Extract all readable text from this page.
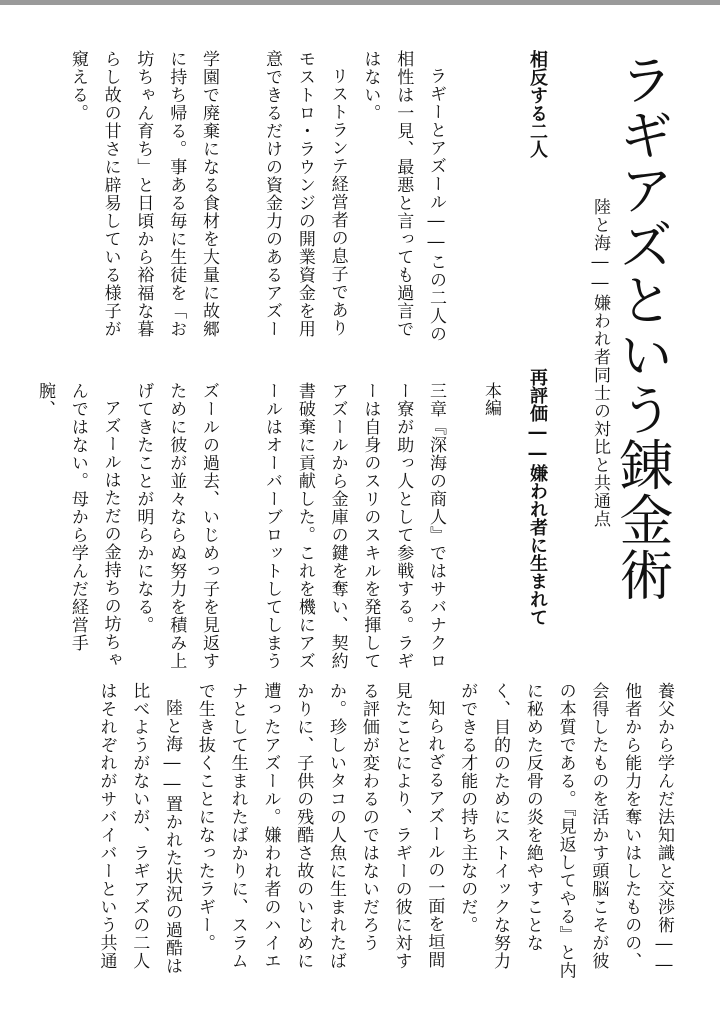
ラギアズという錬金術
陸と海――嫌われ者同士の対比と共通点
相反する二人

ラギーとアズール――この二人の相性は一見、最悪と言っても過言ではない。

リストランテ経営者の息子でありモストロ・ラウンジの開業資金を用意できるだけの資金力のあるアズー

学園で廃棄になる食材を大量に故郷に持ち帰る。事ある毎に生徒を「お坊ちゃん育ち」と日頃から裕福な暮らし故の甘さに辟易している様子が窺える。

再評価――嫌われ者に生まれて
本編

三章『深海の商人』ではサバナクロー寮が助っ人として参戦する。ラギーは自身のスリのスキルを発揮してアズールから金庫の鍵を奪い、契約書破棄に貢献した。これを機にアズールはオーバーブロットしてしまう

ズールの過去、いじめっ子を見返すために彼が並々ならぬ努力を積み上げてきたことが明らかになる。

アズールはただの金持ちの坊ちゃんではない。母から学んだ経営手腕、

養父から学んだ法知識と交渉術――他者から能力を奪いはしたものの、会得したものを活かす頭脳こそが彼の本質である。『見返してやる』と内に秘めた反骨の炎を絶やすことなく、目的のためにストイックな努力ができる才能の持ち主なのだ。

知られざるアズールの一面を垣間見たことにより、ラギーの彼に対する評価が変わるのではないだろうか。珍しいタコの人魚に生まれたばかりに、子供の残酷さ故のいじめに遭ったアズール。嫌われ者のハイエナとして生まれたばかりに、スラムで生き抜くことになったラギー。

陸と海――置かれた状況の過酷は比べようがないが、ラギアズの二人はそれぞれがサバイバーという共通
